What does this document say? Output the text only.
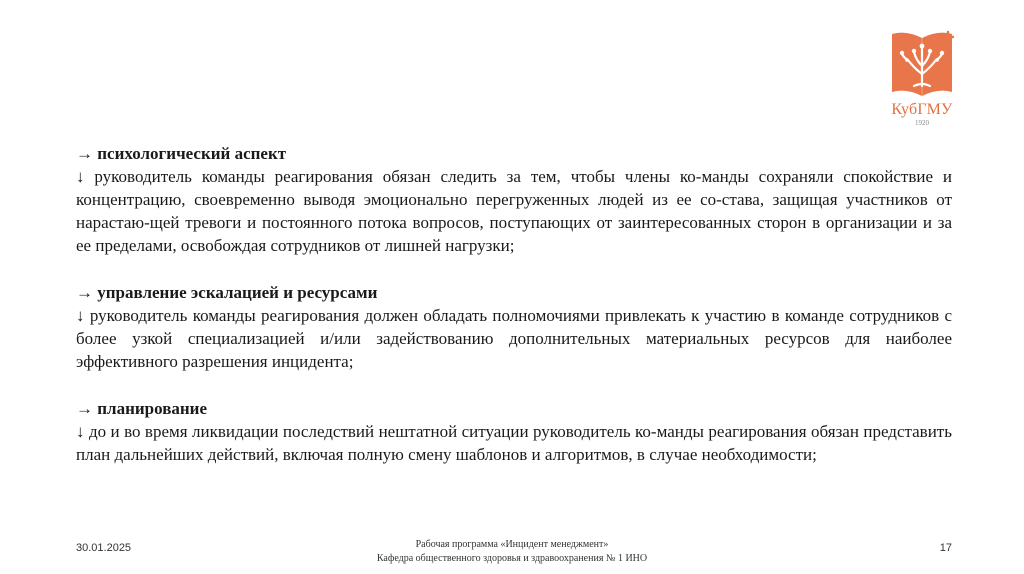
КубГМУ
1920

→ психологический аспект

↓ руководитель команды реагирования обязан следить за тем, чтобы члены ко-манды сохраняли спокойствие и концентрацию, своевременно выводя эмоционально перегруженных людей из ее со-става, защищая участников от нарастаю-щей тревоги и постоянного потока вопросов, поступающих от заинтересованных сторон в организации и за ее пределами, освобождая сотрудников от лишней нагрузки;

→ управление эскалацией и ресурсами

↓ руководитель команды реагирования должен обладать полномочиями привлекать к участию в команде сотрудников с более узкой специализацией и/или задействованию дополнительных материальных ресурсов для наиболее эффективного разрешения инцидента;

→ планирование

↓ до и во время ликвидации последствий нештатной ситуации руководитель ко-манды реагирования обязан представить план дальнейших действий, включая полную смену шаблонов и алгоритмов, в случае необходимости;

30.01.2025	Рабочая программа «Инцидент менеджмент»
Кафедра общественного здоровья и здравоохранения № 1 ИНО
17
